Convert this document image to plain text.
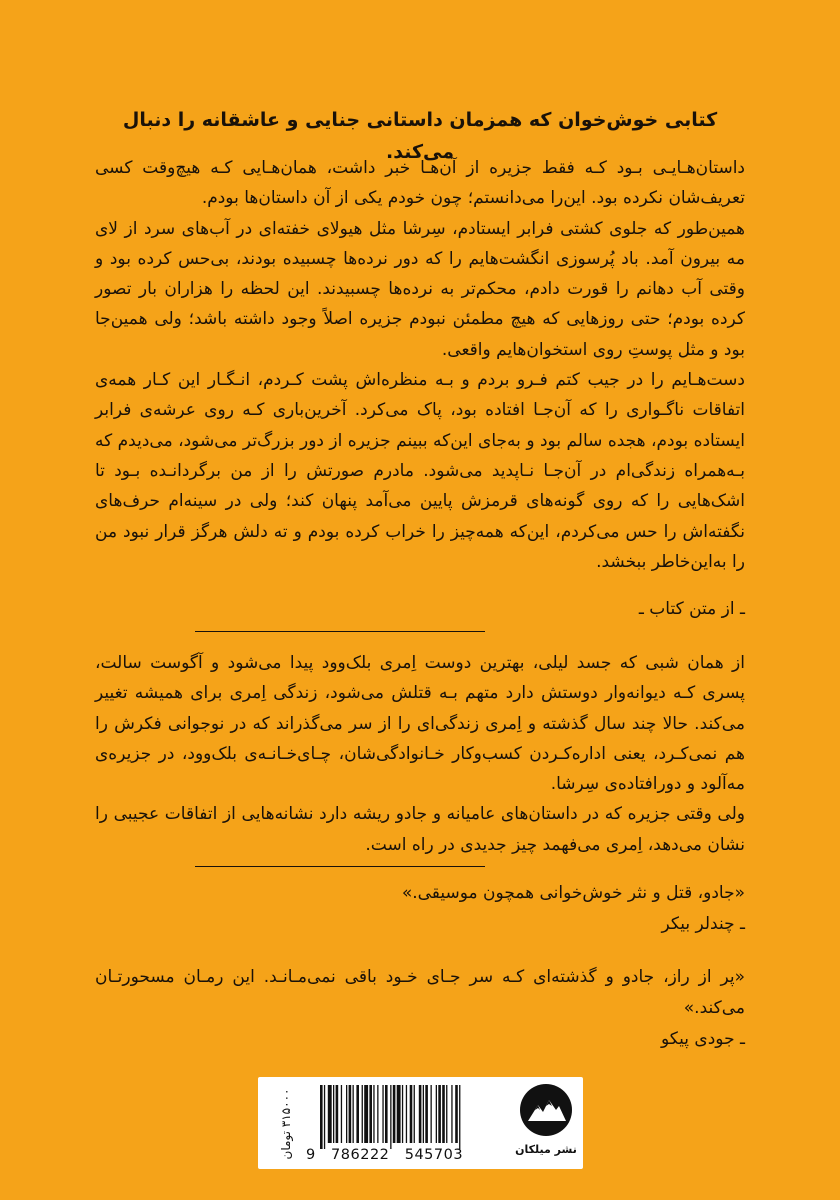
کتابی خوش‌خوان که همزمان داستانی جنایی و عاشقانه را دنبال می‌کند.

داستان‌هـایـی بـود کـه فقط جزیره از آن‌هـا خبر داشت، همان‌هـایی کـه هیچ‌وقت کسی تعریف‌شان نکرده بود. این‌را می‌دانستم؛ چون خودم یکی از آن داستان‌ها بودم.

همین‌طور که جلوی کشتی فرابر ایستادم، سِرشا مثل هیولای خفته‌ای در آب‌های سرد از لای مه بیرون آمد. باد پُرسوزی انگشت‌هایم را که دور نرده‌ها چسبیده بودند، بی‌حس کرده بود و وقتی آب دهانم را قورت دادم، محکم‌تر به نرده‌ها چسبیدند. این لحظه را هزاران بار تصور کرده بودم؛ حتی روزهایی که هیچ مطمئن نبودم جزیره اصلاً وجود داشته باشد؛ ولی همین‌جا بود و مثل پوستِ روی استخوان‌هایم واقعی.

دست‌هـایم را در جیب کتم فـرو بردم و بـه منظره‌اش پشت کـردم، انـگـار این کـار همه‌ی اتفاقات ناگـواری را که آن‌جـا افتاده بود، پاک می‌کرد. آخرین‌باری کـه روی عرشه‌ی فرابر ایستاده بودم، هجده سالم بود و به‌جای این‌که ببینم جزیره از دور بزرگ‌تر می‌شود، می‌دیدم که بـه‌همراه زندگی‌ام در آن‌جـا نـاپدید می‌شود. مادرم صورتش را از من برگردانـده بـود تا اشک‌هایی را که روی گونه‌های قرمزش پایین می‌آمد پنهان کند؛ ولی در سینه‌ام حرف‌های نگفته‌اش را حس می‌کردم، این‌که همه‌چیز را خراب کرده بودم و ته دلش هرگز قرار نبود من را به‌این‌خاطر ببخشد.

ـ از متن کتاب ـ

از همان شبی که جسد لیلی، بهترین دوست اِمری بلک‌وود پیدا می‌شود و آگوست سالت، پسری کـه دیوانه‌وار دوستش دارد متهم بـه قتلش می‌شود، زندگی اِمری برای همیشه تغییر می‌کند. حالا چند سال گذشته و اِمری زندگی‌ای را از سر می‌گذراند که در نوجوانی فکرش را هم نمی‌کـرد، یعنی اداره‌کـردن کسب‌وکار خـانوادگی‌شان، چـای‌خـانـه‌ی بلک‌وود، در جزیره‌ی مه‌آلود و دورافتاده‌ی سِرشا.

ولی وقتی جزیره که در داستان‌های عامیانه و جادو ریشه دارد نشانه‌هایی از اتفاقات عجیبی را نشان می‌دهد، اِمری می‌فهمد چیز جدیدی در راه است.

«جادو، قتل و نثر خوش‌خوانی همچون موسیقی.»

ـ چندلر بیکر

«پر از راز، جادو و گذشته‌ای کـه سر جـای خـود باقی نمی‌مـانـد. این رمـان مسحورتـان می‌کند.»

ـ جودی پیکو

۳۱۵۰۰۰ تومان
9   786222   545703	نشر میلکان
